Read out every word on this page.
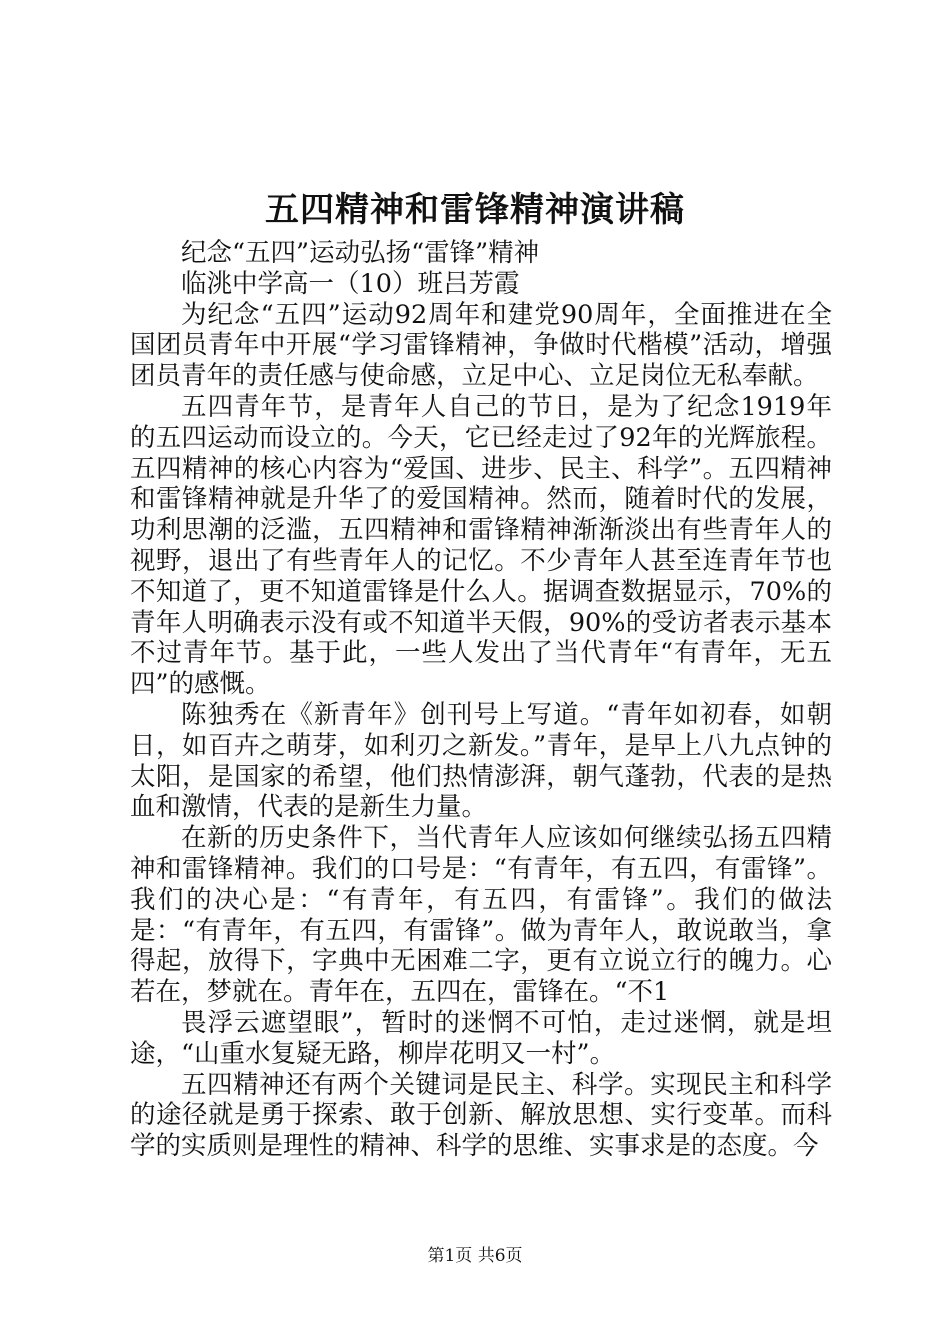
五四精神和雷锋精神演讲稿

纪念“五四”运动弘扬“雷锋”精神

临洮中学高一（10）班吕芳霞

为纪念“五四”运动92周年和建党90周年，全面推进在全国团员青年中开展“学习雷锋精神，争做时代楷模”活动，增强团员青年的责任感与使命感，立足中心、立足岗位无私奉献。

五四青年节，是青年人自己的节日，是为了纪念1919年的五四运动而设立的。今天，它已经走过了92年的光辉旅程。五四精神的核心内容为“爱国、进步、民主、科学”。五四精神和雷锋精神就是升华了的爱国精神。然而，随着时代的发展，功利思潮的泛滥，五四精神和雷锋精神渐渐淡出有些青年人的视野，退出了有些青年人的记忆。不少青年人甚至连青年节也不知道了，更不知道雷锋是什么人。据调查数据显示，70%的青年人明确表示没有或不知道半天假，90%的受访者表示基本不过青年节。基于此，一些人发出了当代青年“有青年，无五四”的感慨。

陈独秀在《新青年》创刊号上写道。“青年如初春，如朝日，如百卉之萌芽，如利刃之新发。”青年，是早上八九点钟的太阳，是国家的希望，他们热情澎湃，朝气蓬勃，代表的是热血和激情，代表的是新生力量。

在新的历史条件下，当代青年人应该如何继续弘扬五四精神和雷锋精神。我们的口号是：“有青年，有五四，有雷锋”。我们的决心是：“有青年，有五四，有雷锋”。我们的做法是：“有青年，有五四，有雷锋”。做为青年人，敢说敢当，拿得起，放得下，字典中无困难二字，更有立说立行的魄力。心若在，梦就在。青年在，五四在，雷锋在。“不1

畏浮云遮望眼”，暂时的迷惘不可怕，走过迷惘，就是坦途，“山重水复疑无路，柳岸花明又一村”。

五四精神还有两个关键词是民主、科学。实现民主和科学的途径就是勇于探索、敢于创新、解放思想、实行变革。而科学的实质则是理性的精神、科学的思维、实事求是的态度。今

第1页 共6页
